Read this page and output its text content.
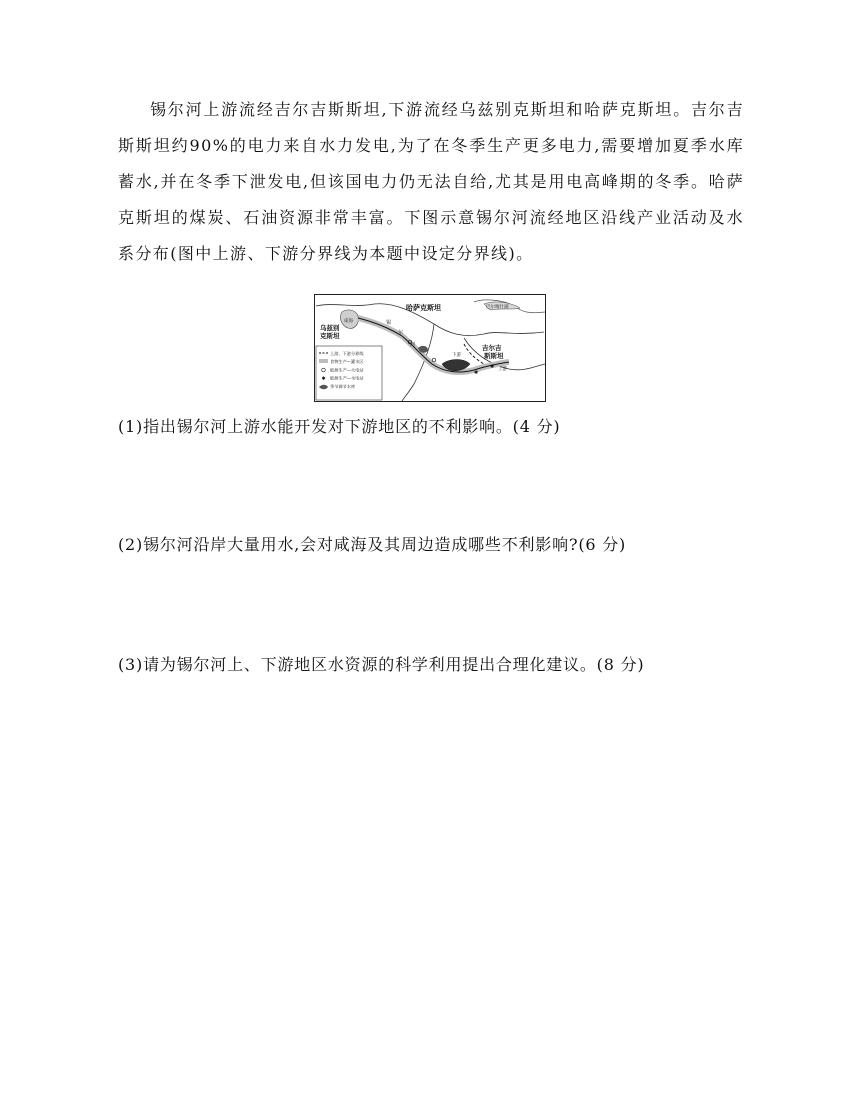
锡尔河上游流经吉尔吉斯斯坦,下游流经乌兹别克斯坦和哈萨克斯坦。吉尔吉斯斯坦约90%的电力来自水力发电,为了在冬季生产更多电力,需要增加夏季水库蓄水,并在冬季下泄发电,但该国电力仍无法自给,尤其是用电高峰期的冬季。哈萨克斯坦的煤炭、石油资源非常丰富。下图示意锡尔河流经地区沿线产业活动及水系分布(图中上游、下游分界线为本题中设定分界线)。

✱
✱
哈萨克斯坦
乌兹别
克斯坦
吉尔吉
斯斯坦
咸海
巴尔喀什湖
锡
尔
河
上游
下游
上游、下游分界线
食物生产—灌水区
能源生产—火电站
✱ 能源生产—水电站
季节调节水库

(1)指出锡尔河上游水能开发对下游地区的不利影响。(4 分)

(2)锡尔河沿岸大量用水,会对咸海及其周边造成哪些不利影响?(6 分)

(3)请为锡尔河上、下游地区水资源的科学利用提出合理化建议。(8 分)
